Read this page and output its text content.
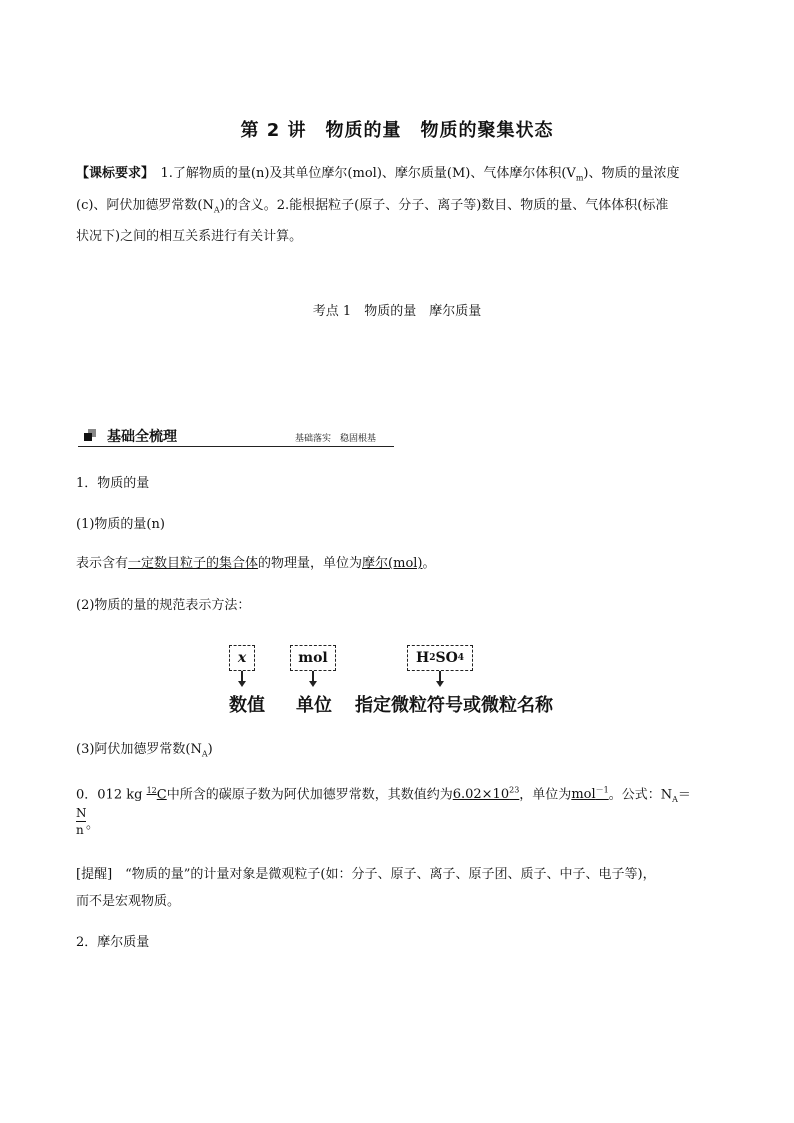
第 2 讲　物质的量　物质的聚集状态
【课标要求】　1.了解物质的量(n)及其单位摩尔(mol)、摩尔质量(M)、气体摩尔体积$(V_m)$、物质的量浓度
(c)、阿伏加德罗常数$(N_A)$的含义。2.能根据粒子(原子、分子、离子等)数目、物质的量、气体体积(标准
状况下)之间的相互关系进行有关计算。
考点 1　物质的量　摩尔质量
基础全梳理	基础落实　稳固根基
1．物质的量
(1)物质的量(n)
表示含有一定数目粒子的集合体的物理量，单位为摩尔(mol)。
(2)物质的量的规范表示方法：
x	mol	H 2 SO 4
数值 单位 指定微粒符号或微粒名称
(3)阿伏加德罗常数$(N_A)$
0．012 kg $^{12}$C中所含的碳原子数为阿伏加德罗常数，其数值约为$6.02\times 10^{23}$，单位为mol$^{-1}$。公式：$N_A=$
N
n 。
[提醒]　“物质的量”的计量对象是微观粒子(如：分子、原子、离子、原子团、质子、中子、电子等)，
而不是宏观物质。
2．摩尔质量
